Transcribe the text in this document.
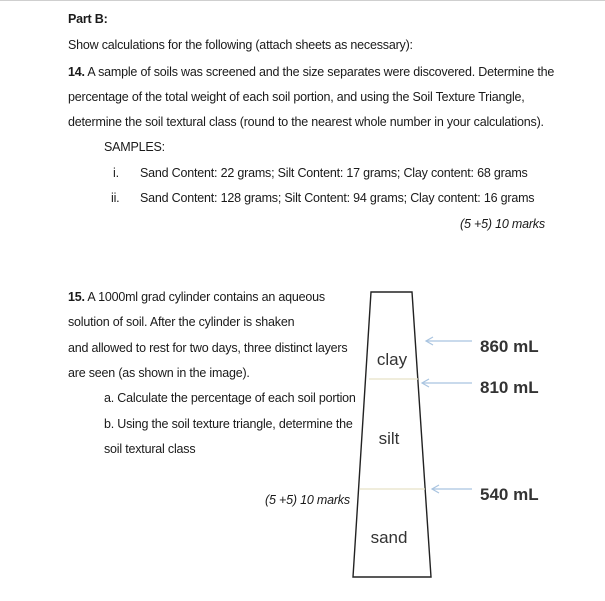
Part B:
Show calculations for the following (attach sheets as necessary):
14. A sample of soils was screened and the size separates were discovered. Determine the
percentage of the total weight of each soil portion, and using the Soil Texture Triangle,
determine the soil textural class (round to the nearest whole number in your calculations).
SAMPLES:
i. Sand Content: 22 grams; Silt Content: 17 grams; Clay content: 68 grams
ii. Sand Content: 128 grams; Silt Content: 94 grams; Clay content: 16 grams
(5 +5) 10 marks
15. A 1000ml grad cylinder contains an aqueous
solution of soil. After the cylinder is shaken
and allowed to rest for two days, three distinct layers
are seen (as shown in the image).
a. Calculate the percentage of each soil portion
b. Using the soil texture triangle, determine the
soil textural class
(5 +5) 10 marks
clay
silt
sand
860 mL
810 mL
540 mL
